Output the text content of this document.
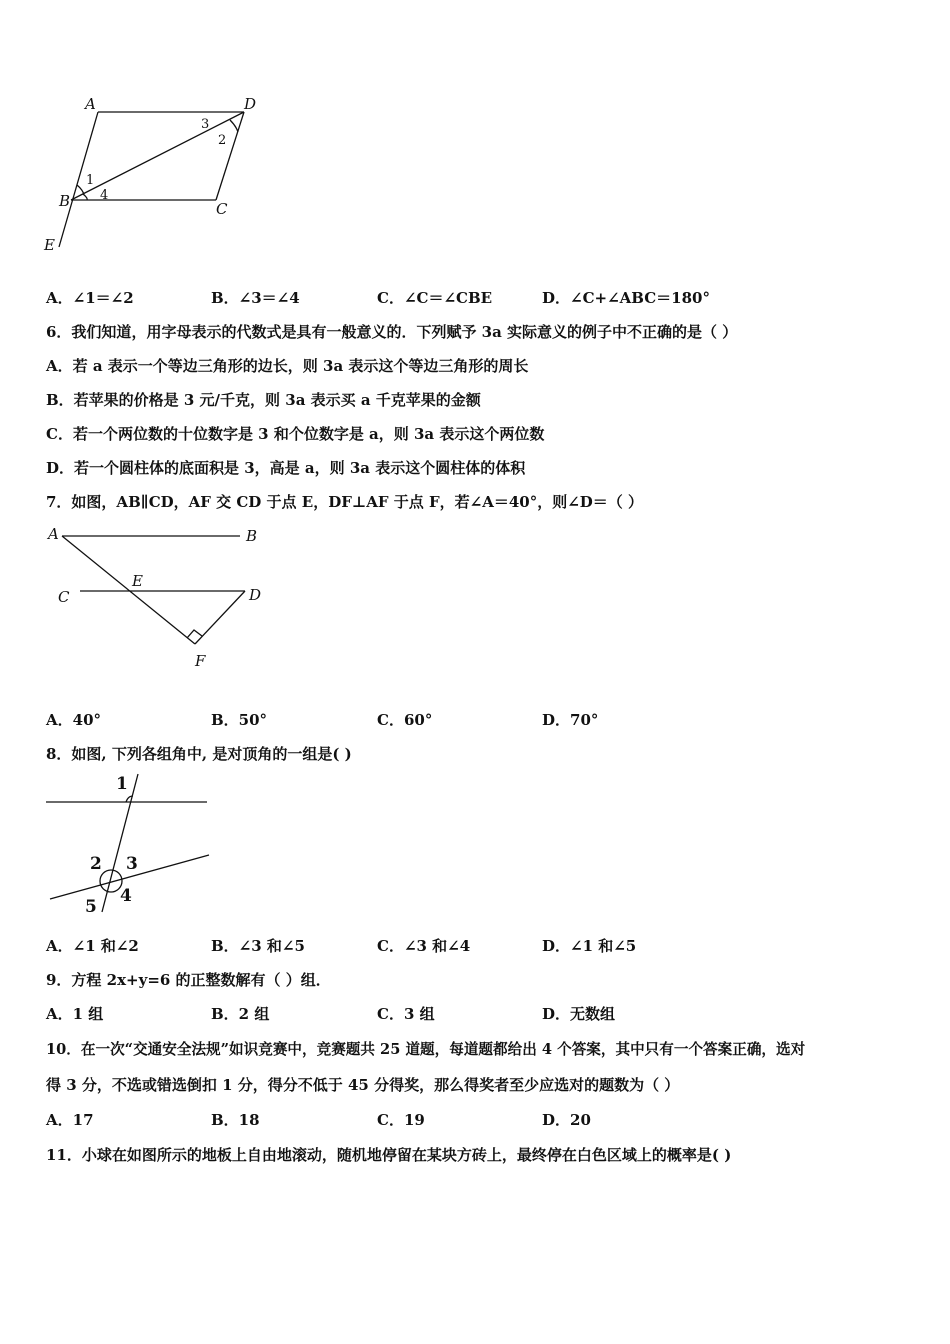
A	D
B	C
E
1
2
3
4
A．∠1＝∠2	B．∠3＝∠4	C．∠C＝∠CBE	D．∠C+∠ABC＝180°
6．我们知道，用字母表示的代数式是具有一般意义的．下列赋予 3a 实际意义的例子中不正确的是（ ）
A．若 a 表示一个等边三角形的边长，则 3a 表示这个等边三角形的周长
B．若苹果的价格是 3 元/千克，则 3a 表示买 a 千克苹果的金额
C．若一个两位数的十位数字是 3 和个位数字是 a，则 3a 表示这个两位数
D．若一个圆柱体的底面积是 3，高是 a，则 3a 表示这个圆柱体的体积
7．如图，AB∥CD，AF 交 CD 于点 E，DF⊥AF 于点 F，若∠A＝40°，则∠D＝（ ）
A	B
C	D
E
F
A．40°	B．50°	C．60°	D．70°
8．如图, 下列各组角中, 是对顶角的一组是( )
1
2 3
4
5
A．∠1 和∠2	B．∠3 和∠5	C．∠3 和∠4	D．∠1 和∠5
9．方程 2x+y=6 的正整数解有（ ）组．
A．1 组	B．2 组	C．3 组	D．无数组
10．在一次“交通安全法规”如识竞赛中，竞赛题共 25 道题，每道题都给出 4 个答案，其中只有一个答案正确，选对
得 3 分，不选或错选倒扣 1 分，得分不低于 45 分得奖，那么得奖者至少应选对的题数为（ ）
A．17	B．18	C．19	D．20
11．小球在如图所示的地板上自由地滚动，随机地停留在某块方砖上，最终停在白色区域上的概率是( )
